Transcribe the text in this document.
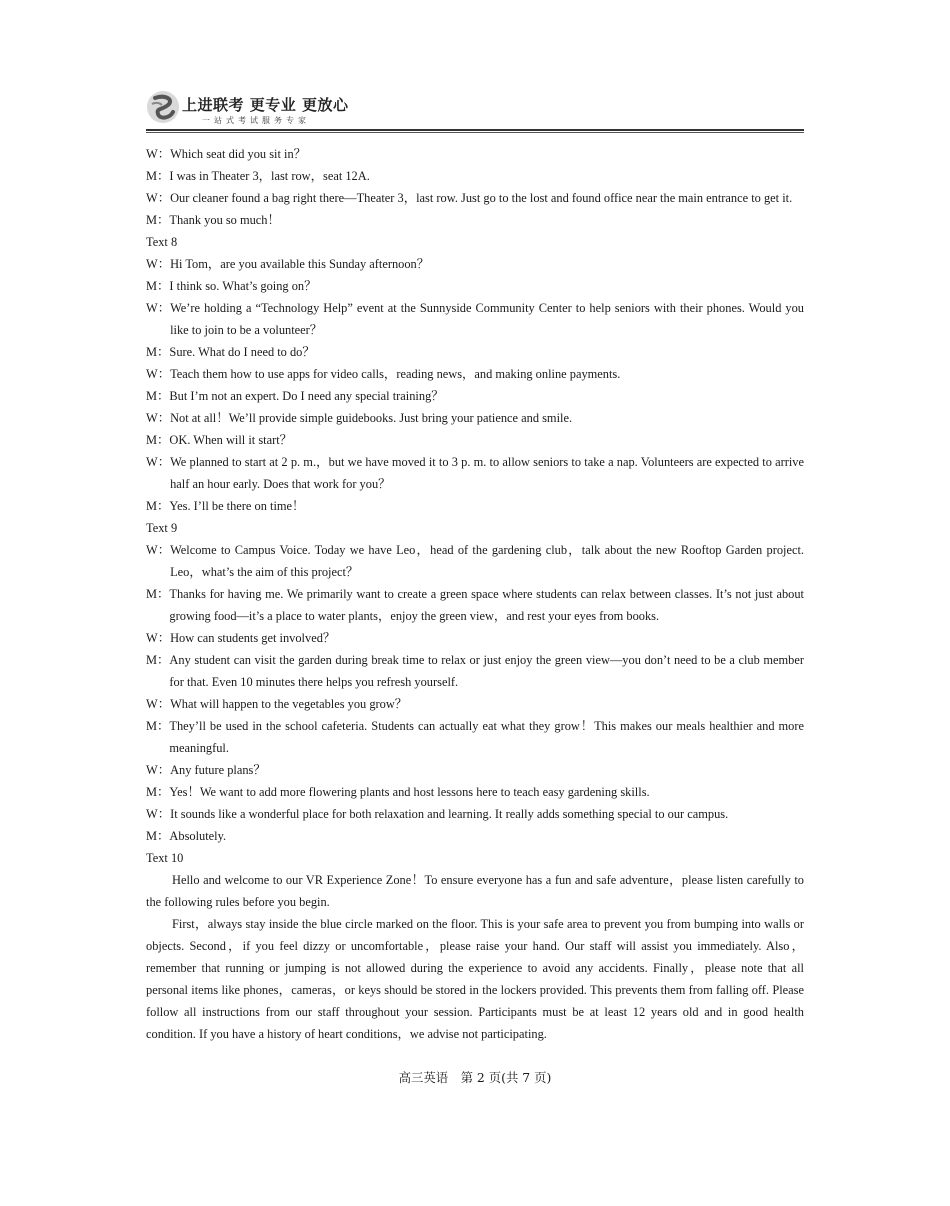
上进联考 更专业 更放心
一站式考试服务专家
W： Which seat did you sit in？
M： I was in Theater 3，last row，seat 12A.
W： Our cleaner found a bag right there—Theater 3，last row. Just go to the lost and found office near the main entrance to get it.
M： Thank you so much！
Text 8
W： Hi Tom，are you available this Sunday afternoon？
M： I think so. What’s going on？
W： We’re holding a “Technology Help” event at the Sunnyside Community Center to help seniors with their phones. Would you like to join to be a volunteer？
M： Sure. What do I need to do？
W： Teach them how to use apps for video calls，reading news，and making online payments.
M： But I’m not an expert. Do I need any special training？
W： Not at all！We’ll provide simple guidebooks. Just bring your patience and smile.
M： OK. When will it start？
W： We planned to start at 2 p. m.，but we have moved it to 3 p. m. to allow seniors to take a nap. Volunteers are expected to arrive half an hour early. Does that work for you？
M： Yes. I’ll be there on time！
Text 9
W： Welcome to Campus Voice. Today we have Leo，head of the gardening club，talk about the new Rooftop Garden project. Leo，what’s the aim of this project？
M： Thanks for having me. We primarily want to create a green space where students can relax between classes. It’s not just about growing food—it’s a place to water plants，enjoy the green view，and rest your eyes from books.
W： How can students get involved？
M： Any student can visit the garden during break time to relax or just enjoy the green view—you don’t need to be a club member for that. Even 10 minutes there helps you refresh yourself.
W： What will happen to the vegetables you grow？
M： They’ll be used in the school cafeteria. Students can actually eat what they grow！This makes our meals healthier and more meaningful.
W： Any future plans？
M： Yes！We want to add more flowering plants and host lessons here to teach easy gardening skills.
W： It sounds like a wonderful place for both relaxation and learning. It really adds something special to our campus.
M： Absolutely.
Text 10
Hello and welcome to our VR Experience Zone！To ensure everyone has a fun and safe adventure，please listen carefully to the following rules before you begin.
First，always stay inside the blue circle marked on the floor. This is your safe area to prevent you from bumping into walls or objects. Second，if you feel dizzy or uncomfortable，please raise your hand. Our staff will assist you immediately. Also，remember that running or jumping is not allowed during the experience to avoid any accidents. Finally，please note that all personal items like phones，cameras，or keys should be stored in the lockers provided. This prevents them from falling off. Please follow all instructions from our staff throughout your session. Participants must be at least 12 years old and in good health condition. If you have a history of heart conditions，we advise not participating.
高三英语　第 2 页(共 7 页)
